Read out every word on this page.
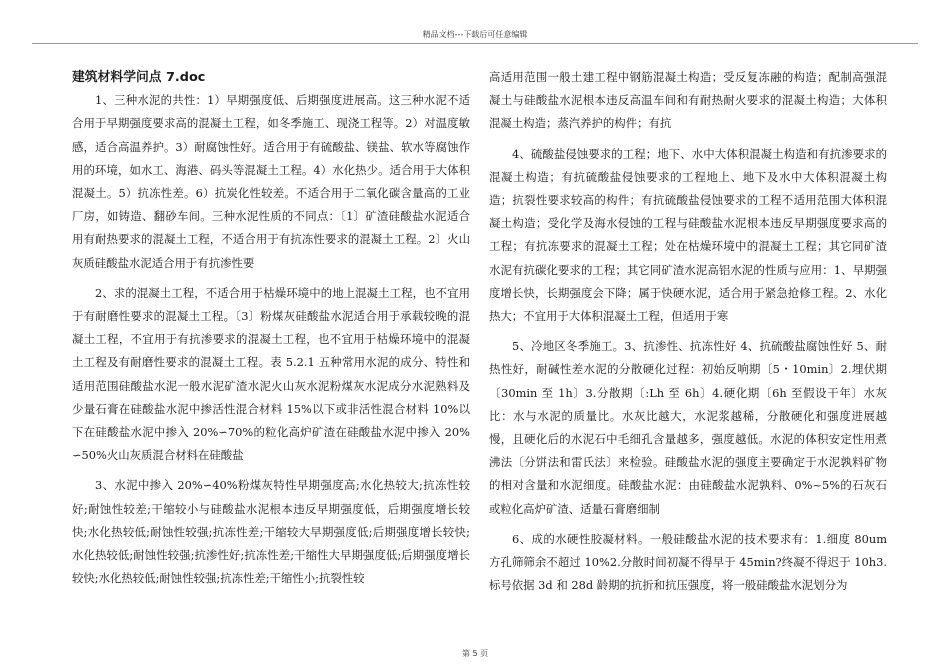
精品文档---下载后可任意编辑

建筑材料学问点 7.doc

1、三种水泥的共性：1）早期强度低、后期强度进展高。这三种水泥不适合用于早期强度要求高的混凝土工程，如冬季施工、现浇工程等。2）对温度敏感，适合高温养护。3）耐腐蚀性好。适合用于有硫酸盐、镁盐、软水等腐蚀作用的环境，如水工、海港、码头等混凝土工程。4）水化热少。适合用于大体积混凝土。5）抗冻性差。6）抗炭化性较差。不适合用于二氧化碳含量高的工业厂房，如铸造、翻砂车间。三种水泥性质的不同点：〔1〕矿渣硅酸盐水泥适合用有耐热要求的混凝土工程，不适合用于有抗冻性要求的混凝土工程。2〕火山灰质硅酸盐水泥适合用于有抗渗性要

2、求的混凝土工程，不适合用于枯燥环境中的地上混凝土工程，也不宜用于有耐磨性要求的混凝土工程。〔3〕粉煤灰硅酸盐水泥适合用于承载较晚的混凝土工程，不宜用于有抗渗要求的混凝土工程，也不宜用于枯燥环境中的混凝土工程及有耐磨性要求的混凝土工程。表 5.2.1 五种常用水泥的成分、特性和适用范围硅酸盐水泥一般水泥矿渣水泥火山灰水泥粉煤灰水泥成分水泥熟料及少量石膏在硅酸盐水泥中掺活性混合材料 15%以下或非活性混合材料 10%以下在硅酸盐水泥中掺入 20%∽70%的粒化高炉矿渣在硅酸盐水泥中掺入 20%∽50%火山灰质混合材料在硅酸盐

3、水泥中掺入 20%∽40%粉煤灰特性早期强度高;水化热较大;抗冻性较好;耐蚀性较差;干缩较小与硅酸盐水泥根本违反早期强度低，后期强度增长较快;水化热较低;耐蚀性较强;抗冻性差;干缩较大早期强度低;后期强度增长较快;水化热较低;耐蚀性较强;抗渗性好;抗冻性差;干缩性大早期强度低;后期强度增长较快;水化热较低;耐蚀性较强;抗冻性差;干缩性小;抗裂性较

高适用范围一般土建工程中钢筋混凝土构造；受反复冻融的构造；配制高强混凝土与硅酸盐水泥根本违反高温车间和有耐热耐火要求的混凝土构造；大体积混凝土构造；蒸汽养护的构件；有抗

4、硫酸盐侵蚀要求的工程；地下、水中大体积混凝土构造和有抗渗要求的混凝土构造；有抗硫酸盐侵蚀要求的工程地上、地下及水中大体积混凝土构造；抗裂性要求较高的构件；有抗硫酸盐侵蚀要求的工程不适用范围大体积混凝土构造；受化学及海水侵蚀的工程与硅酸盐水泥根本违反早期强度要求高的工程；有抗冻要求的混凝土工程；处在枯燥环境中的混凝土工程；其它同矿渣水泥有抗碳化要求的工程；其它同矿渣水泥高铝水泥的性质与应用：1、早期强度增长快，长期强度会下降；属于快硬水泥，适合用于紧急抢修工程。2、水化热大；不宜用于大体积混凝土工程，但适用于寒

5、冷地区冬季施工。3、抗渗性、抗冻性好 4、抗硫酸盐腐蚀性好 5、耐热性好，耐碱性差水泥的分散硬化过程：初始反响期〔5・10min〕2.埋伏期〔30min 至 1h〕3.分散期〔:Lh 至 6h〕4.硬化期〔6h 至假设干年〕水灰比：水与水泥的质量比。水灰比越大，水泥浆越稀，分散硬化和强度进展越慢，且硬化后的水泥石中毛细孔含量越多，强度越低。水泥的体积安定性用煮沸法〔分饼法和雷氏法〕来检验。硅酸盐水泥的强度主要确定于水泥孰料矿物的相对含量和水泥细度。硅酸盐水泥：由硅酸盐水泥孰料、0%~5%的石灰石或粒化高炉矿渣、适量石膏磨细制

6、成的水硬性胶凝材料。一般硅酸盐水泥的技术要求有：1.细度 80um 方孔筛筛余不超过 10%2.分散时间初凝不得早于 45min?终凝不得迟于 10h3.标号依据 3d 和 28d 龄期的抗折和抗压强度，将一般硅酸盐水泥划分为

第 5 页
